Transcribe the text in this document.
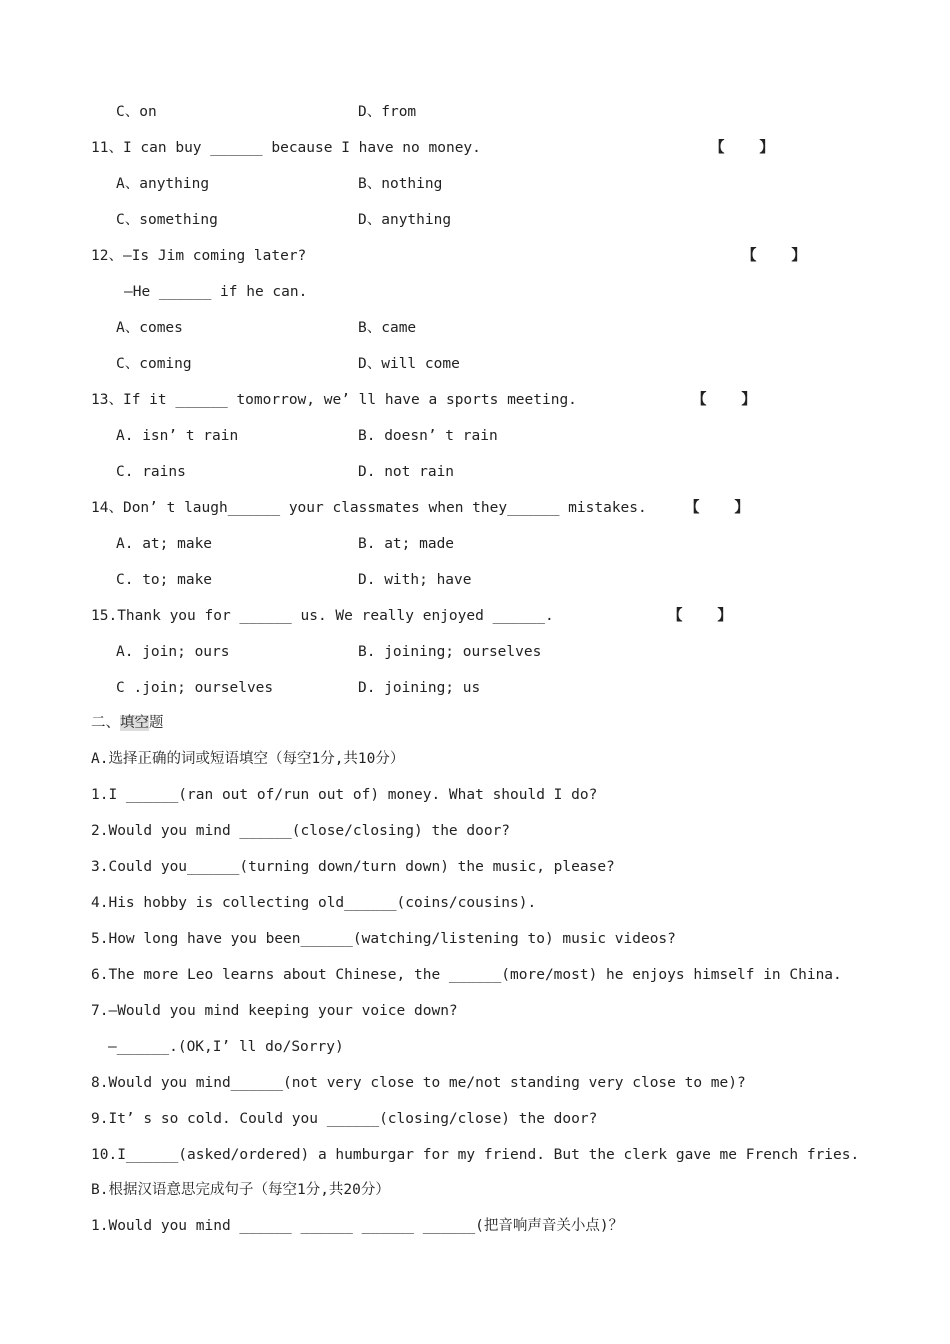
C、on	D、from
11、I can buy ______ because I have no money.	【    】
A、anything	B、nothing
C、something	D、anything
12、—Is Jim coming later?	【    】
—He ______ if he can.
A、comes	B、came
C、coming	D、will come
13、If it ______ tomorrow, we’ ll have a sports meeting.	【    】
A. isn’ t rain	B. doesn’ t rain
C. rains	D. not rain
14、Don’ t laugh______ your classmates when they______ mistakes.	【    】
A. at; make	B. at; made
C. to; make	D. with; have
15.Thank you for ______ us. We really enjoyed ______.	【    】
A. join; ours	B. joining; ourselves
C .join; ourselves	D. joining; us
二、填空题
A.选择正确的词或短语填空（每空1分,共10分）
1.I ______(ran out of/run out of) money. What should I do?
2.Would you mind ______(close/closing) the door?
3.Could you______(turning down/turn down) the music, please?
4.His hobby is collecting old______(coins/cousins).
5.How long have you been______(watching/listening to) music videos?
6.The more Leo learns about Chinese, the ______(more/most) he enjoys himself in China.
7.—Would you mind keeping your voice down?
—______.(OK,I’ ll do/Sorry)
8.Would you mind______(not very close to me/not standing very close to me)?
9.It’ s so cold. Could you ______(closing/close) the door?
10.I______(asked/ordered) a humburgar for my friend. But the clerk gave me French fries.
B.根据汉语意思完成句子（每空1分,共20分）
1.Would you mind ______ ______ ______ ______(把音响声音关小点)？
